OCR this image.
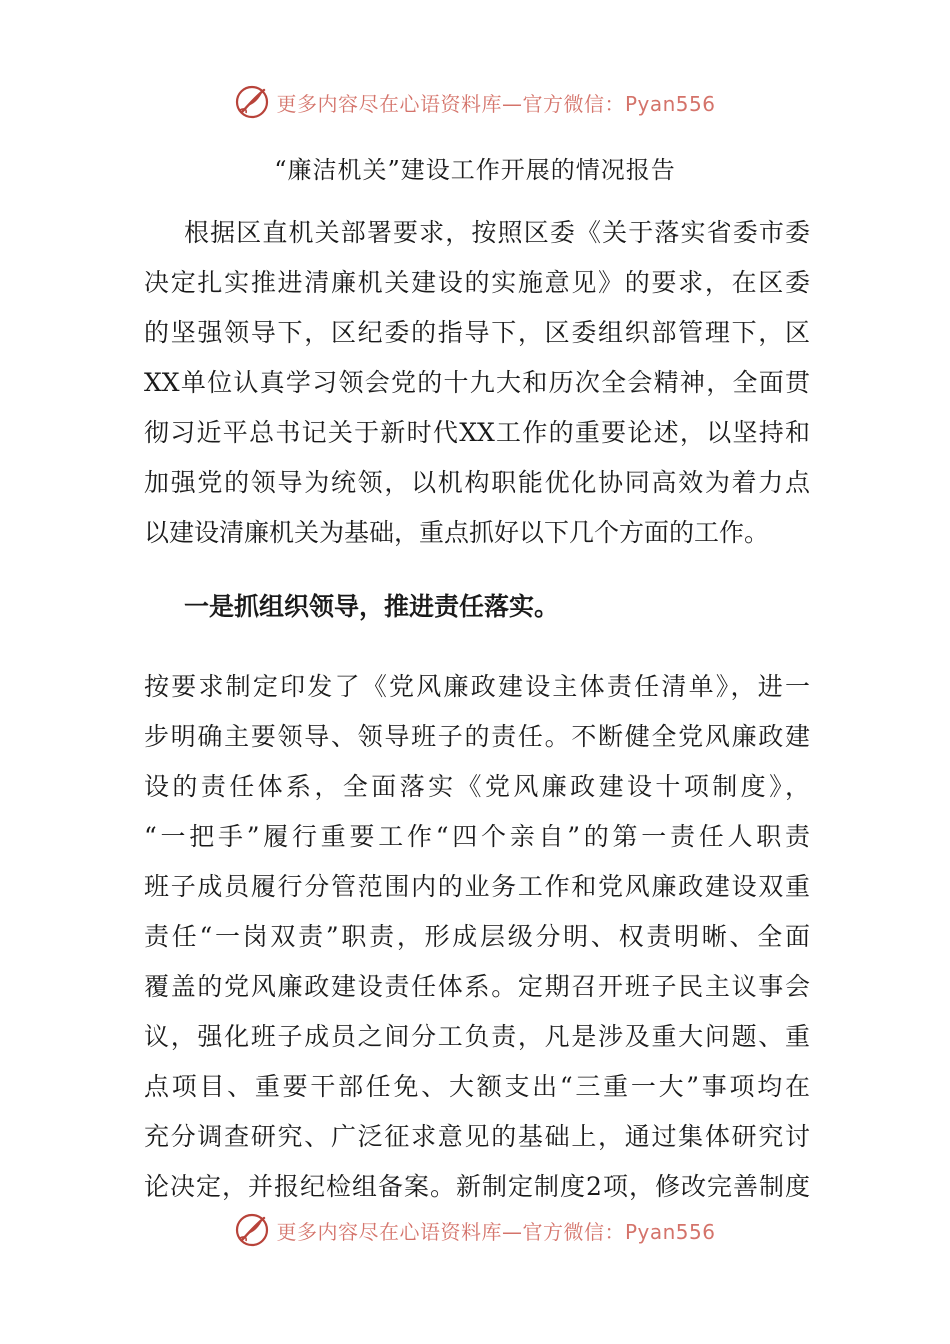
更多内容尽在心语资料库—官方微信：Pyan556
“廉洁机关”建设工作开展的情况报告
根据区直机关部署要求，按照区委《关于落实省委市委
决定扎实推进清廉机关建设的实施意见》的要求，在区委
的坚强领导下，区纪委的指导下，区委组织部管理下，区
XX单位认真学习领会党的十九大和历次全会精神，全面贯
彻习近平总书记关于新时代XX工作的重要论述，以坚持和
加强党的领导为统领，以机构职能优化协同高效为着力点
以建设清廉机关为基础，重点抓好以下几个方面的工作。
一是抓组织领导，推进责任落实。
按要求制定印发了《党风廉政建设主体责任清单》，进一
步明确主要领导、领导班子的责任。不断健全党风廉政建
设的责任体系，全面落实《党风廉政建设十项制度》，
“一把手”履行重要工作“四个亲自”的第一责任人职责
班子成员履行分管范围内的业务工作和党风廉政建设双重
责任“一岗双责”职责，形成层级分明、权责明晰、全面
覆盖的党风廉政建设责任体系。定期召开班子民主议事会
议，强化班子成员之间分工负责，凡是涉及重大问题、重
点项目、重要干部任免、大额支出“三重一大”事项均在
充分调查研究、广泛征求意见的基础上，通过集体研究讨
论决定，并报纪检组备案。新制定制度2项，修改完善制度
更多内容尽在心语资料库—官方微信：Pyan556
